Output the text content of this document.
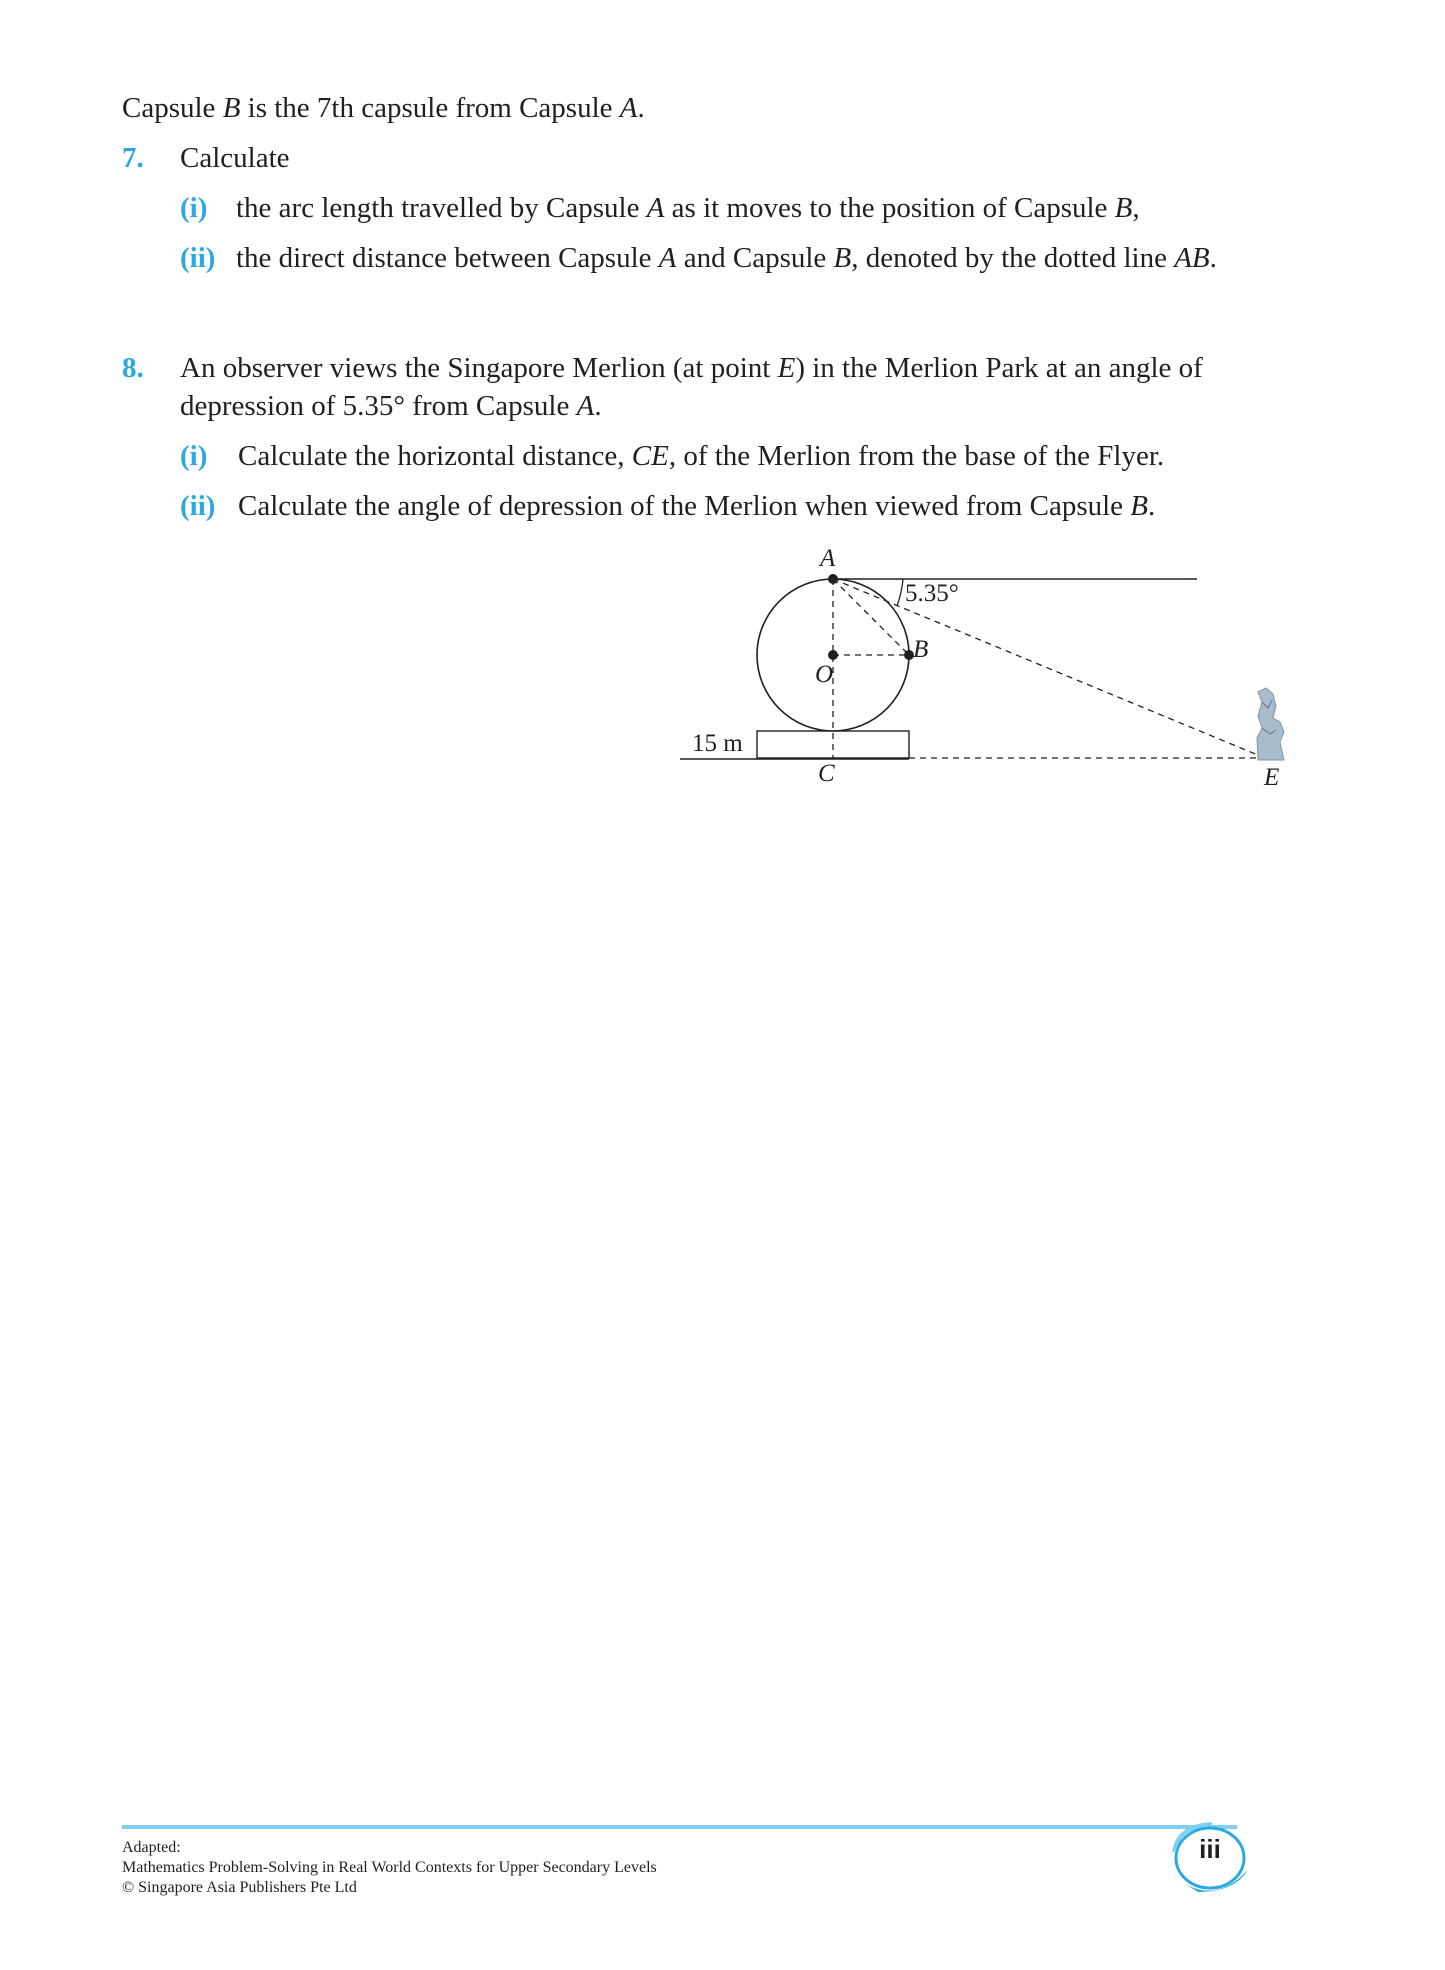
Capsule B is the 7th capsule from Capsule A.
7. Calculate
(i) the arc length travelled by Capsule A as it moves to the position of Capsule B,
(ii) the direct distance between Capsule A and Capsule B, denoted by the dotted line AB.
8. An observer views the Singapore Merlion (at point E) in the Merlion Park at an angle of
depression of 5.35° from Capsule A.
(i) Calculate the horizontal distance, CE, of the Merlion from the base of the Flyer.
(ii) Calculate the angle of depression of the Merlion when viewed from Capsule B.
A
5.35°
B
O
15 m
C	E
Adapted:
Mathematics Problem-Solving in Real World Contexts for Upper Secondary Levels
© Singapore Asia Publishers Pte Ltd
iii
